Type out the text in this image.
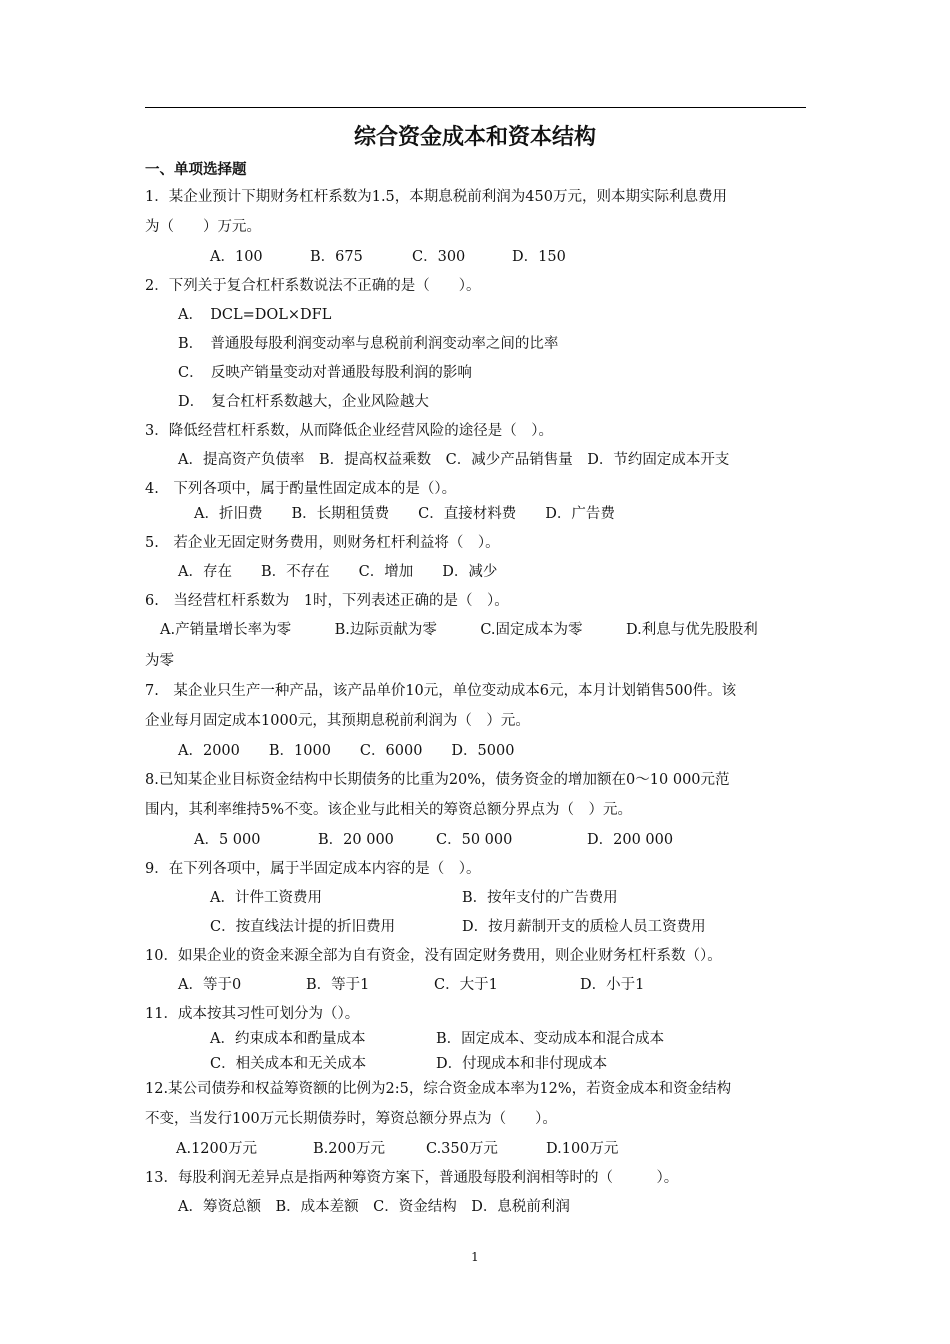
综合资金成本和资本结构
一、单项选择题
1．某企业预计下期财务杠杆系数为1.5，本期息税前利润为450万元，则本期实际利息费用
为（　　）万元。
A．100	B．675	C．300	D．150
2．下列关于复合杠杆系数说法不正确的是（　　）。
A．　DCL=DOL×DFL
B．　普通股每股利润变动率与息税前利润变动率之间的比率
C．　反映产销量变动对普通股每股利润的影响
D．　复合杠杆系数越大，企业风险越大
3．降低经营杠杆系数，从而降低企业经营风险的途径是（　）。
A．提高资产负债率　B．提高权益乘数　C．减少产品销售量　D．节约固定成本开支
4.　下列各项中，属于酌量性固定成本的是（）。
A．折旧费　　B．长期租赁费　　C．直接材料费　　D．广告费
5.　若企业无固定财务费用，则财务杠杆利益将（　）。
A．存在　　B．不存在　　C．增加　　D．减少
6.　当经营杠杆系数为　1时，下列表述正确的是（　）。
A.产销量增长率为零　　　B.边际贡献为零　　　C.固定成本为零　　　D.利息与优先股股利
为零
7.　某企业只生产一种产品，该产品单价10元，单位变动成本6元，本月计划销售500件。该
企业每月固定成本1000元，其预期息税前利润为（　）元。
A．2000　　B．1000　　C．6000　　D．5000
8.已知某企业目标资金结构中长期债务的比重为20%，债务资金的增加额在0～10 000元范
围内，其利率维持5%不变。该企业与此相关的筹资总额分界点为（　）元。
A．5 000	B．20 000	C．50 000	D．200 000
9．在下列各项中，属于半固定成本内容的是（　）。
A．计件工资费用	B．按年支付的广告费用
C．按直线法计提的折旧费用	D．按月薪制开支的质检人员工资费用
10．如果企业的资金来源全部为自有资金，没有固定财务费用，则企业财务杠杆系数（）。
A．等于0	B．等于1	C．大于1	D．小于1
11．成本按其习性可划分为（）。
A．约束成本和酌量成本	B．固定成本、变动成本和混合成本
C．相关成本和无关成本	D．付现成本和非付现成本
12.某公司债券和权益筹资额的比例为2:5，综合资金成本率为12%，若资金成本和资金结构
不变，当发行100万元长期债券时，筹资总额分界点为（　　）。
A.1200万元	B.200万元	C.350万元	D.100万元
13．每股利润无差异点是指两种筹资方案下，普通股每股利润相等时的（　　　）。
A．筹资总额　B．成本差额　C．资金结构　D．息税前利润
1
